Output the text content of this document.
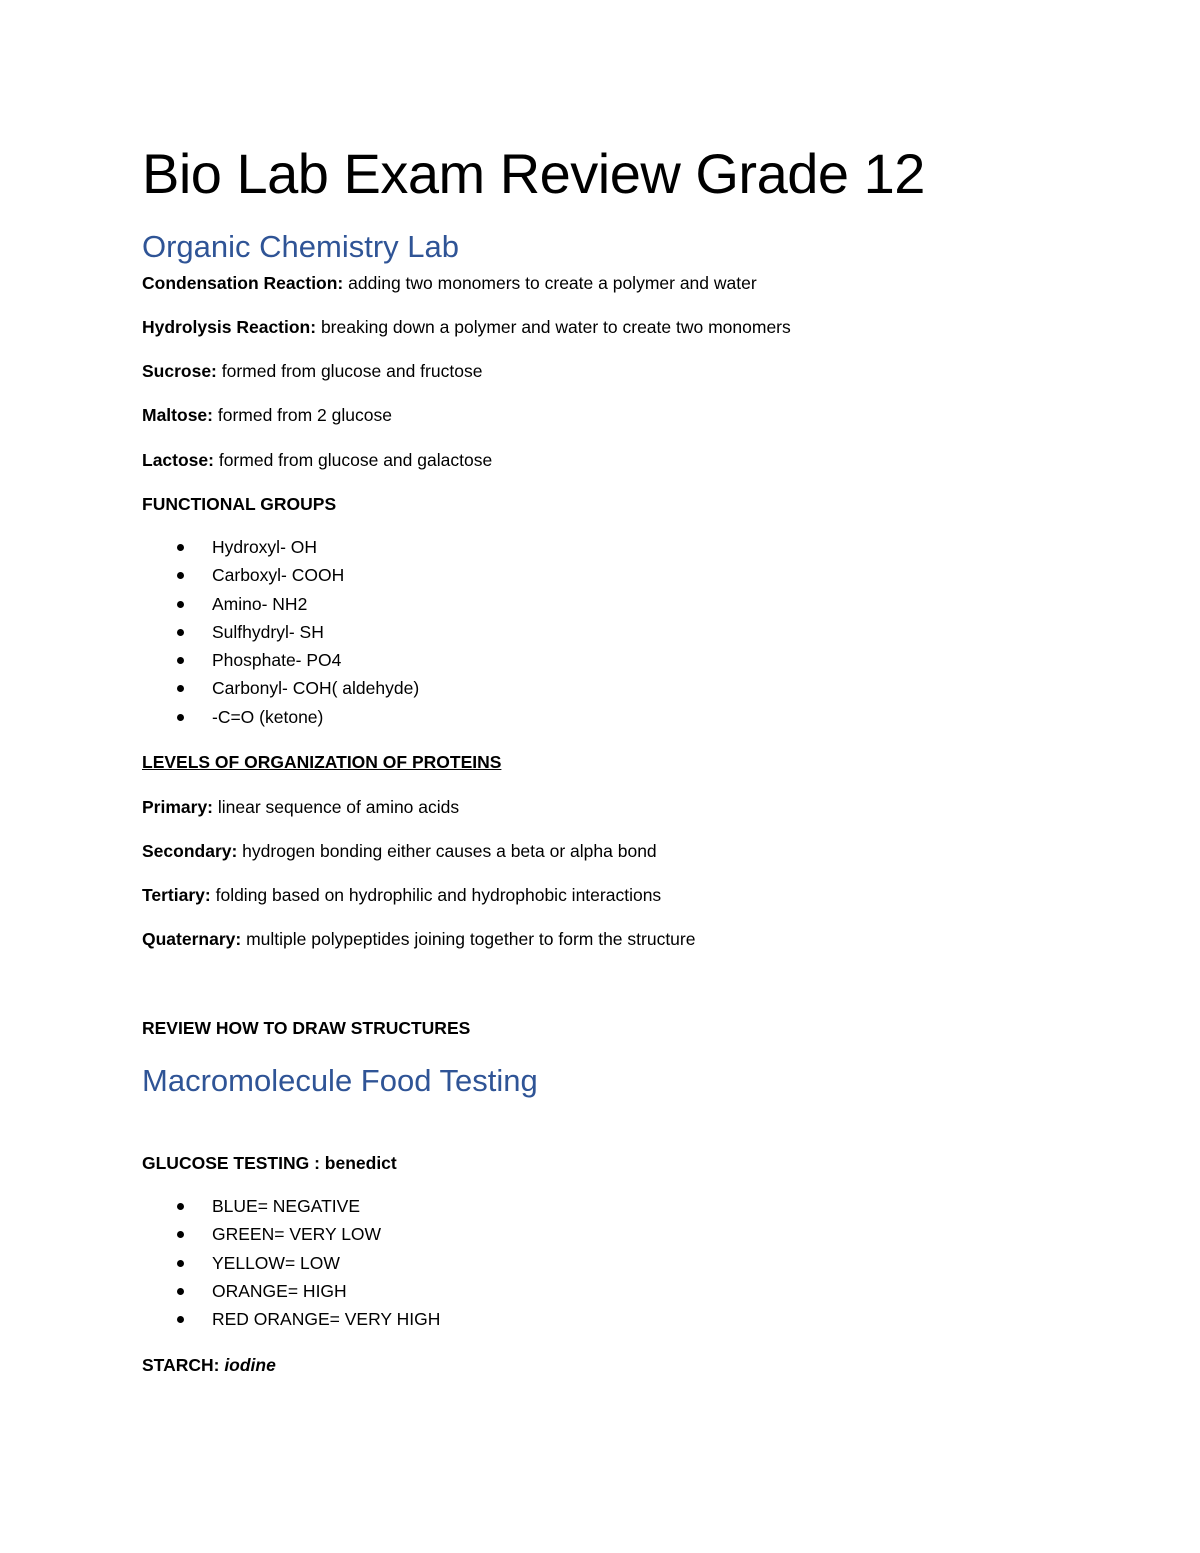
Bio Lab Exam Review Grade 12
Organic Chemistry Lab

Condensation Reaction: adding two monomers to create a polymer and water

Hydrolysis Reaction: breaking down a polymer and water to create two monomers

Sucrose: formed from glucose and fructose

Maltose: formed from 2 glucose

Lactose: formed from glucose and galactose

FUNCTIONAL GROUPS

Hydroxyl- OH
Carboxyl- COOH
Amino- NH2
Sulfhydryl- SH
Phosphate- PO4
Carbonyl- COH( aldehyde)
-C=O (ketone)

LEVELS OF ORGANIZATION OF PROTEINS

Primary: linear sequence of amino acids

Secondary: hydrogen bonding either causes a beta or alpha bond

Tertiary: folding based on hydrophilic and hydrophobic interactions

Quaternary: multiple polypeptides joining together to form the structure

REVIEW HOW TO DRAW STRUCTURES

Macromolecule Food Testing

GLUCOSE TESTING : benedict

BLUE= NEGATIVE
GREEN= VERY LOW
YELLOW= LOW
ORANGE= HIGH
RED ORANGE= VERY HIGH

STARCH: iodine
